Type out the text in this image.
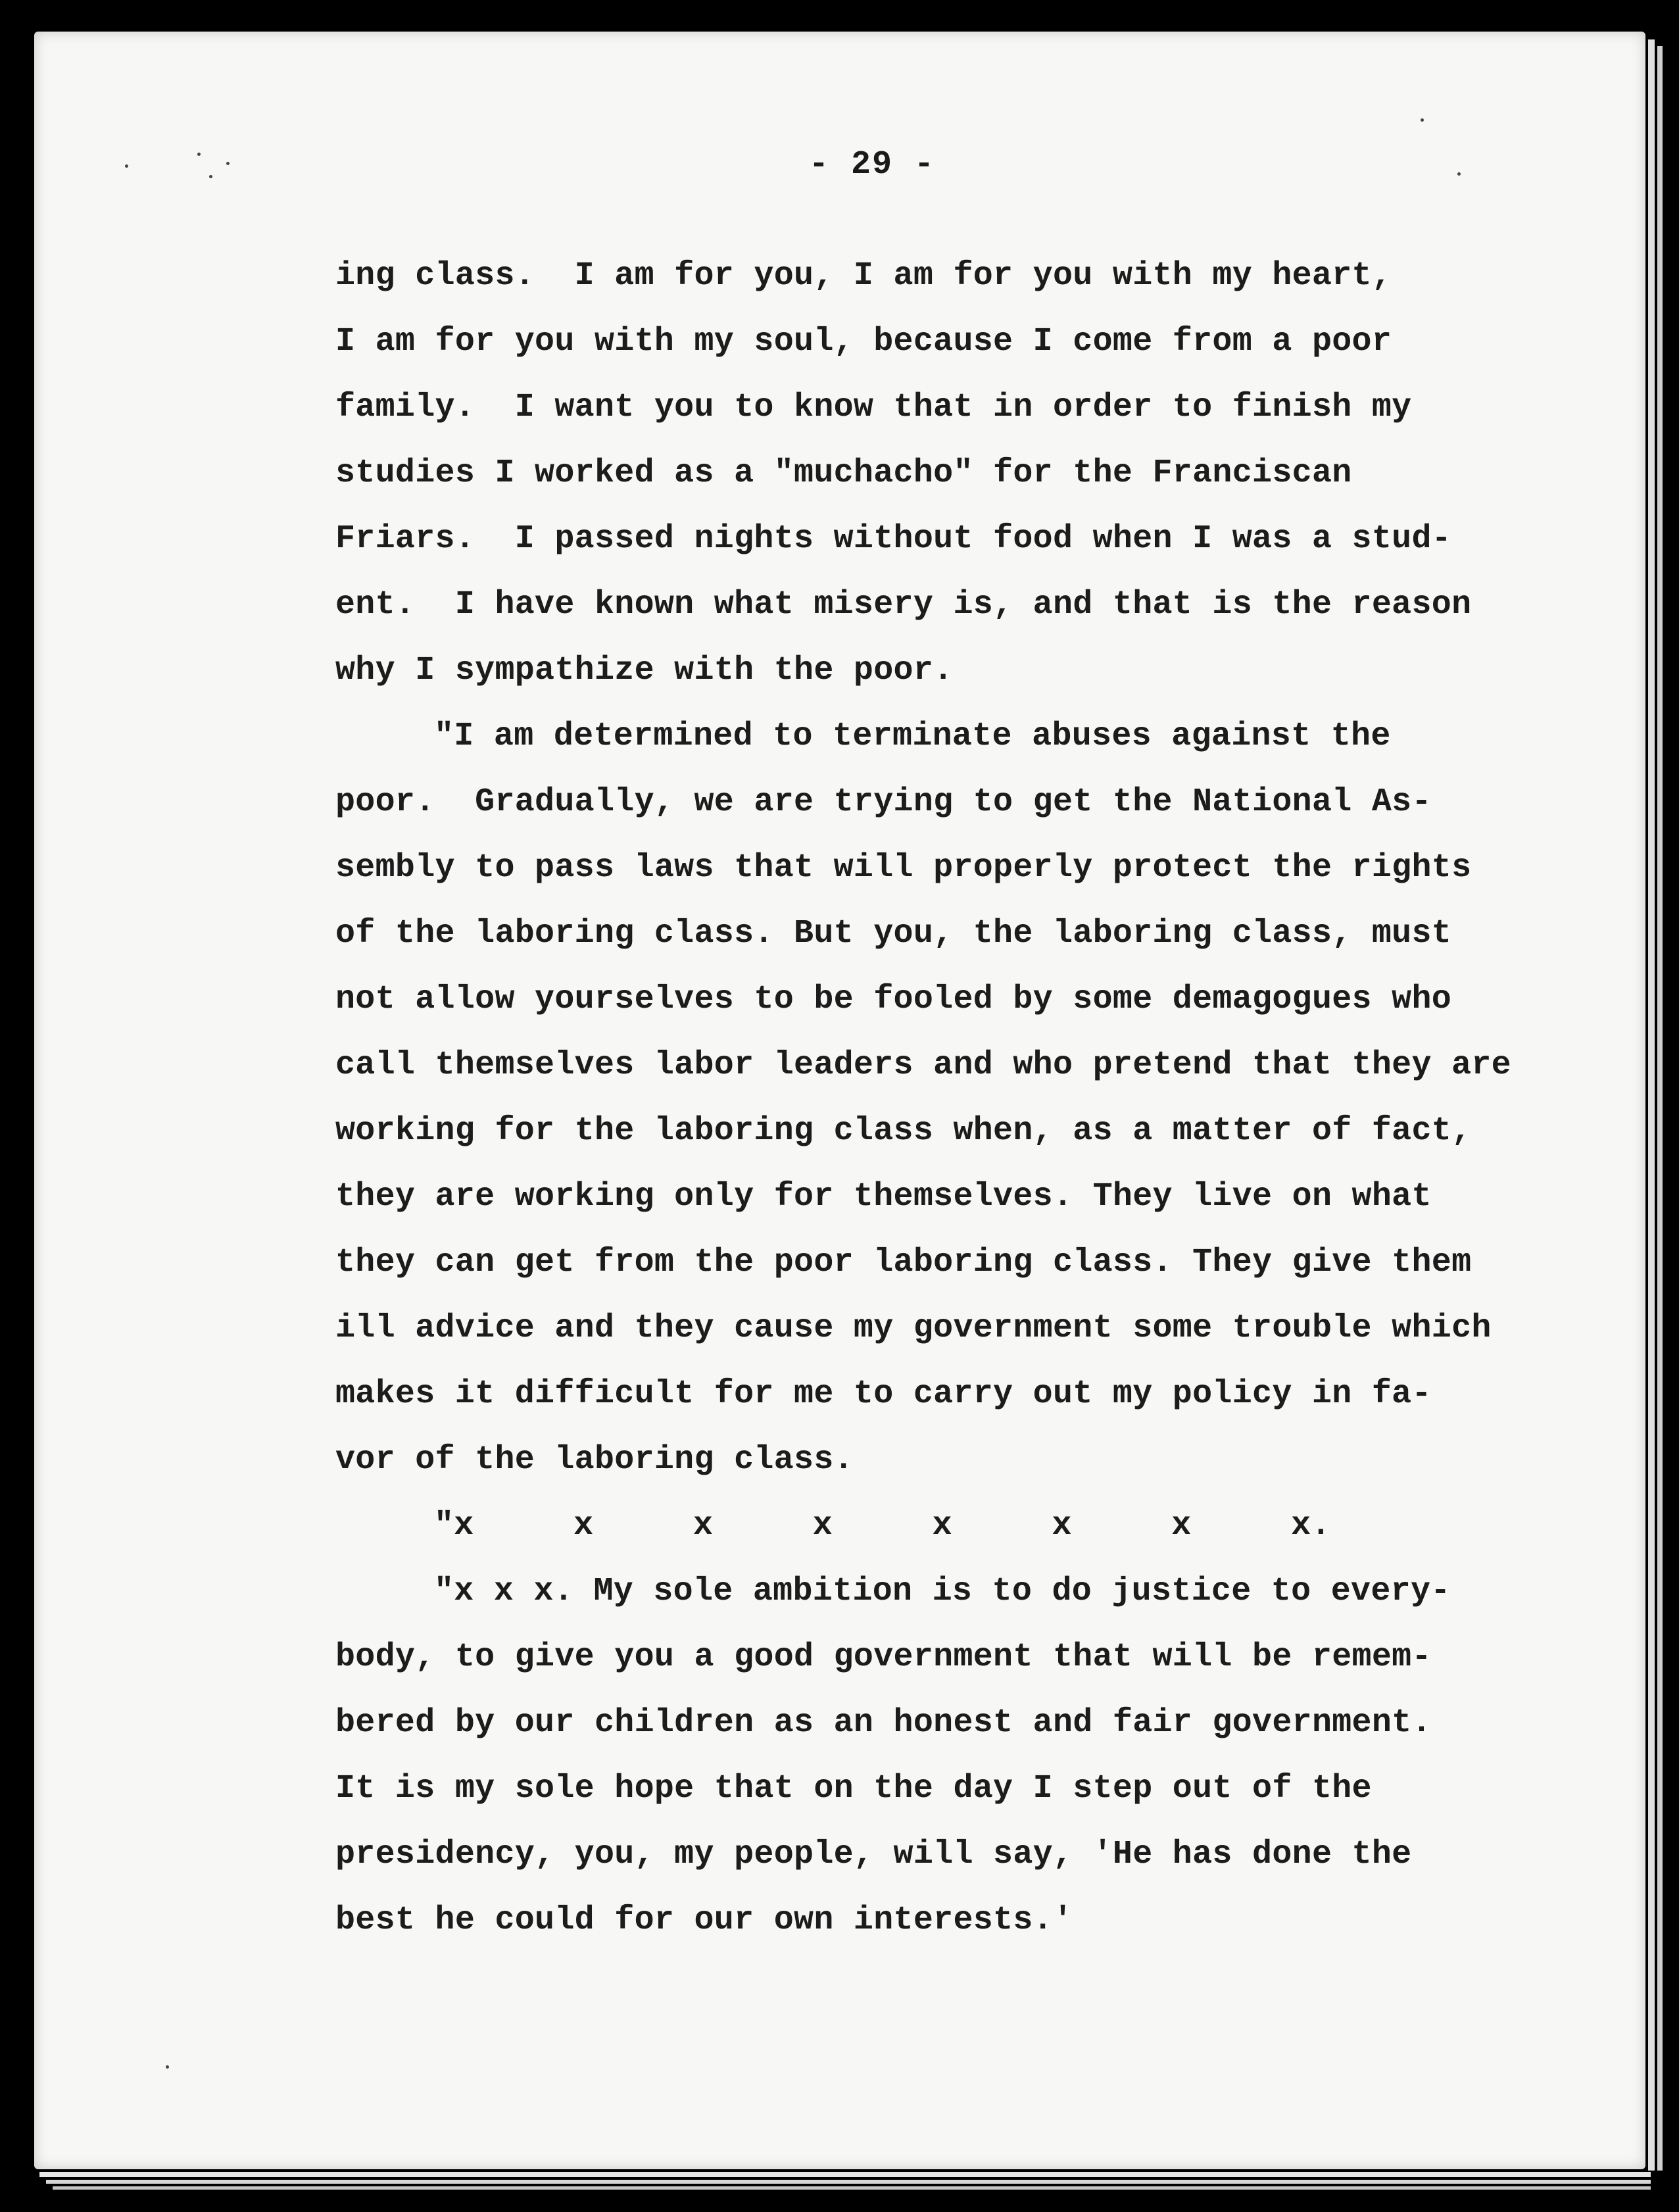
- 29 -
ing class.  I am for you, I am for you with my heart,
I am for you with my soul, because I come from a poor
family.  I want you to know that in order to finish my
studies I worked as a "muchacho" for the Franciscan
Friars.  I passed nights without food when I was a stud-
ent.  I have known what misery is, and that is the reason
why I sympathize with the poor.
"I am determined to terminate abuses against the
poor.  Gradually, we are trying to get the National As-
sembly to pass laws that will properly protect the rights
of the laboring class. But you, the laboring class, must
not allow yourselves to be fooled by some demagogues who
call themselves labor leaders and who pretend that they are
working for the laboring class when, as a matter of fact,
they are working only for themselves. They live on what
they can get from the poor laboring class. They give them
ill advice and they cause my government some trouble which
makes it difficult for me to carry out my policy in fa-
vor of the laboring class.
"x     x     x     x     x     x     x     x.
"x x x. My sole ambition is to do justice to every-
body, to give you a good government that will be remem-
bered by our children as an honest and fair government.
It is my sole hope that on the day I step out of the
presidency, you, my people, will say, 'He has done the
best he could for our own interests.'
